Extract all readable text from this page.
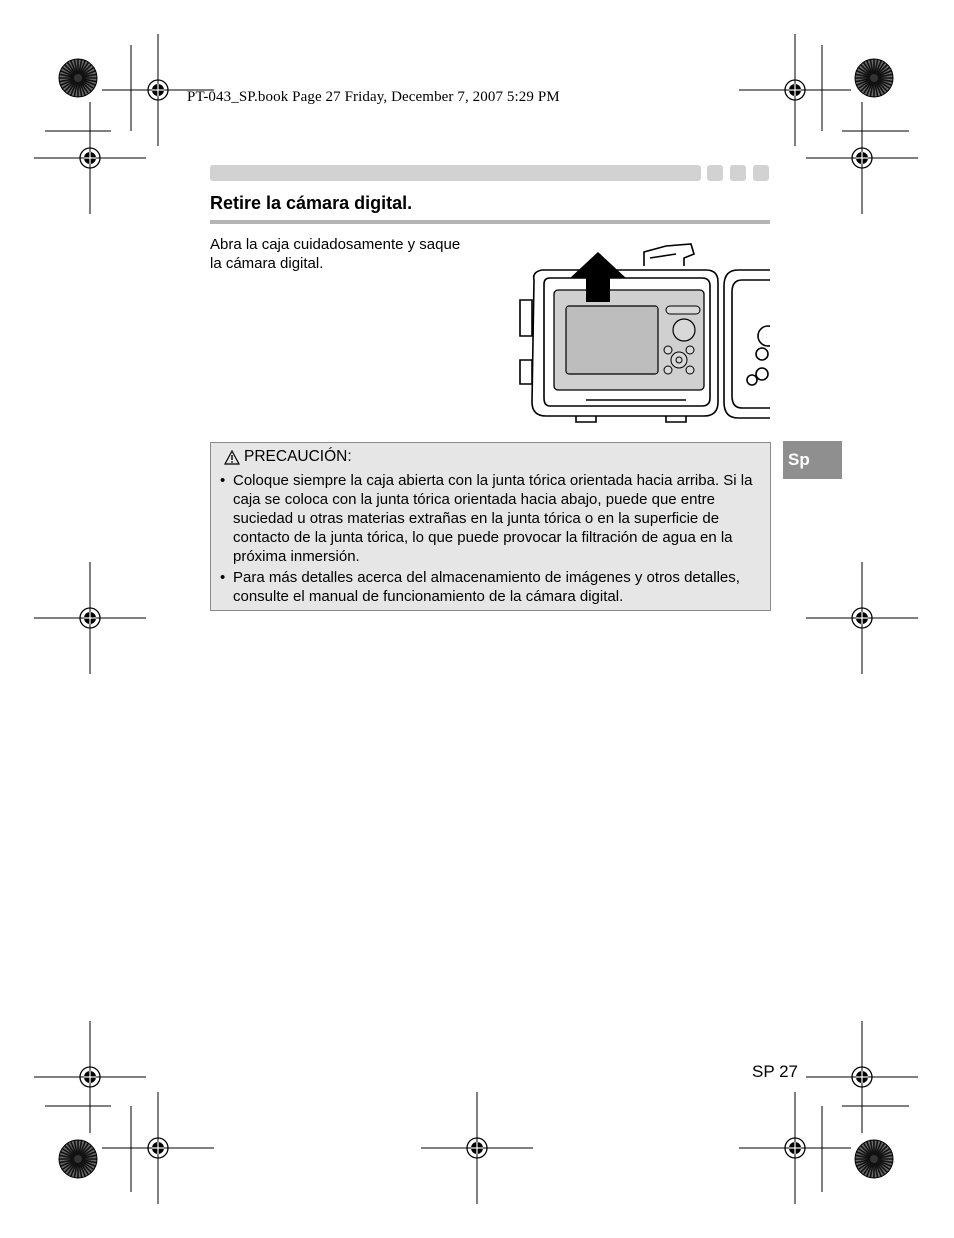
PT-043_SP.book Page 27 Friday, December 7, 2007 5:29 PM
Retire la cámara digital.
Abra la caja cuidadosamente y saque la cámara digital.
PRECAUCIÓN:
• Coloque siempre la caja abierta con la junta tórica orientada hacia arriba. Si la caja se coloca con la junta tórica orientada hacia abajo, puede que entre suciedad u otras materias extrañas en la junta tórica o en la superficie de contacto de la junta tórica, lo que puede provocar la filtración de agua en la próxima inmersión.
• Para más detalles acerca del almacenamiento de imágenes y otros detalles, consulte el manual de funcionamiento de la cámara digital.
Sp
SP 27
